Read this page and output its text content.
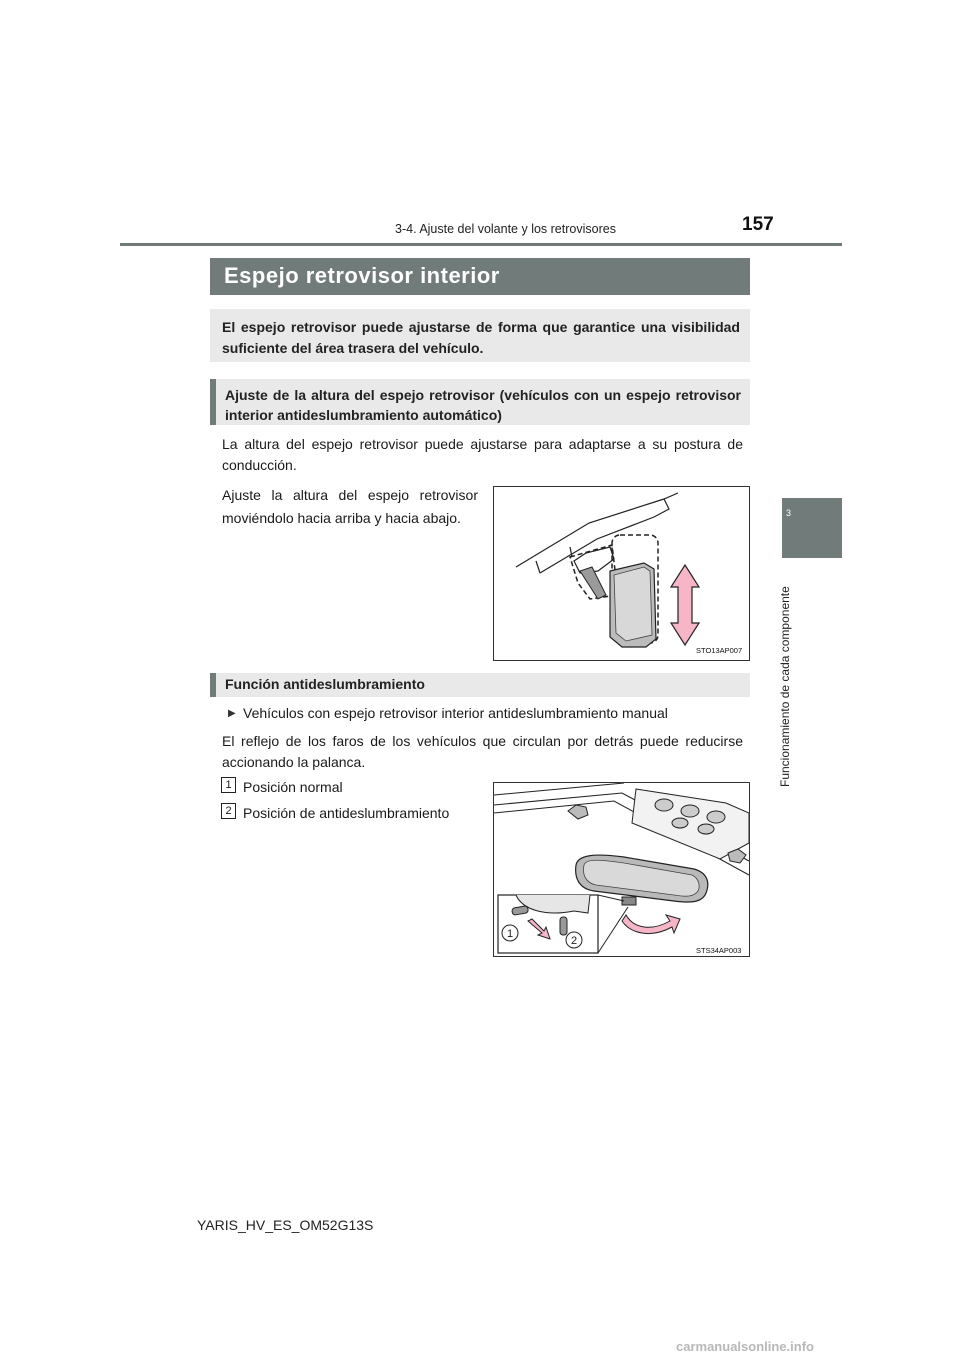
3-4. Ajuste del volante y los retrovisores	157
3
Funcionamiento de cada componente
Espejo retrovisor interior
El espejo retrovisor puede ajustarse de forma que garantice una visibilidad suficiente del área trasera del vehículo.
Ajuste de la altura del espejo retrovisor (vehículos con un espejo retrovisor interior antideslumbramiento automático)
La altura del espejo retrovisor puede ajustarse para adaptarse a su postura de conducción.
Ajuste la altura del espejo retrovisor moviéndolo hacia arriba y hacia abajo.
STO13AP007
Función antideslumbramiento
▶ Vehículos con espejo retrovisor interior antideslumbramiento manual
El reflejo de los faros de los vehículos que circulan por detrás puede reducirse accionando la palanca.
1 Posición normal
2 Posición de antideslumbramiento
1
2
STS34AP003
YARIS_HV_ES_OM52G13S
carmanualsonline.info
